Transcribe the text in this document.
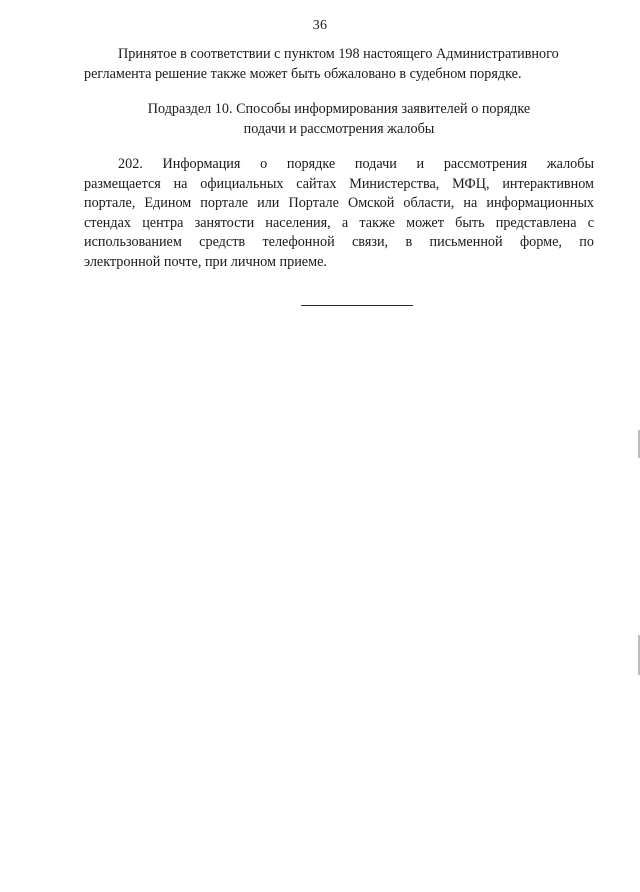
36
Принятое в соответствии с пунктом 198 настоящего Административного
регламента решение также может быть обжаловано в судебном порядке.
Подраздел 10. Способы информирования заявителей о порядке
подачи и рассмотрения жалобы
202. Информация о порядке подачи и рассмотрения жалобы
размещается на официальных сайтах Министерства, МФЦ, интерактивном
портале, Едином портале или Портале Омской области, на информационных
стендах центра занятости населения, а также может быть представлена с
использованием средств телефонной связи, в письменной форме, по
электронной почте, при личном приеме.
